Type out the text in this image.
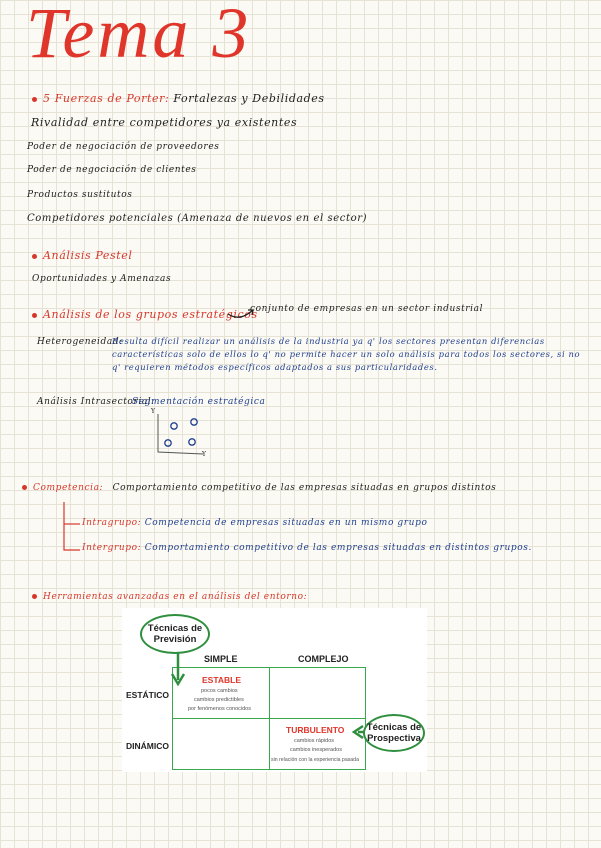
Tema 3
5 Fuerzas de Porter: Fortalezas y Debilidades
Rivalidad entre competidores ya existentes
Poder de negociación de proveedores
Poder de negociación de clientes
Productos sustitutos
Competidores potenciales (Amenaza de nuevos en el sector)
Análisis Pestel
Oportunidades y Amenazas
Análisis de los grupos estratégicos
conjunto de empresas en un sector industrial
Heterogeneidad:
Resulta difícil realizar un análisis de la industria ya q' los sectores presentan diferencias características solo de ellos lo q' no permite hacer un solo análisis para todos los sectores, si no q' requieren métodos específicos adaptados a sus particularidades.
Análisis Intrasectorial:
Segmentación estratégica
Y
Y
Competencia: Comportamiento competitivo de las empresas situadas en grupos distintos
Intragrupo: Competencia de empresas situadas en un mismo grupo
Intergrupo: Comportamiento competitivo de las empresas situadas en distintos grupos.
Herramientas avanzadas en el análisis del entorno:
SIMPLE	COMPLEJO
ESTÁTICO
DINÁMICO
ESTABLE
pocos cambios
cambios predictibles
por fenómenos conocidos
TURBULENTO
cambios rápidos
cambios inesperados
sin relación con la experiencia pasada
Técnicas de Previsión
Técnicas de Prospectiva
